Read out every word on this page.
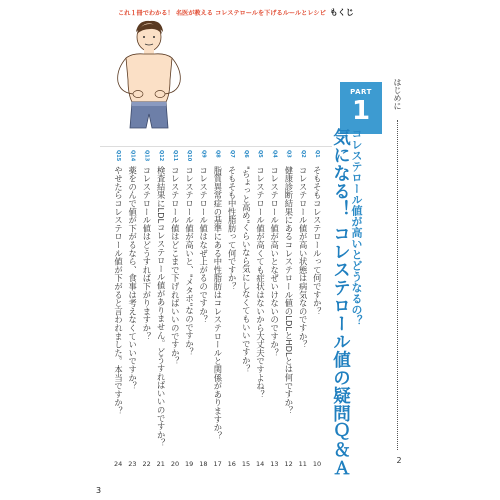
これ１冊でわかる！ 名医が教える コレステロールを下げるルールとレシピ もくじ
はじめに
2
PART
1
コレステロール値が高いとどうなるの？
気になる！ コレステロール値の疑問Ｑ＆Ａ
Q1
そもそもコレステロールって何ですか？
10
Q2
コレステロール値が高い状態は病気なのですか？
11
Q3
健康診断結果にあるコレステロール値のLDLとHDLとは何ですか？
12
Q4
コレステロール値が高いとなぜいけないのですか？
13
Q5
コレステロール値が高くても症状はないから大丈夫ですよね？
14
Q6
"ちょっと高め"くらいなら気にしなくてもいいですか？
15
Q7
そもそも中性脂肪って何ですか？
16
Q8
脂質異常症の基準にある中性脂肪はコレステロールと関係がありますか？
17
Q9
コレステロール値はなぜ上がるのですか？
18
Q10
コレステロール値が高いと、"メタボ"なのですか？
19
Q11
コレステロール値はどこまで下げればいいのですか？
20
Q12
検査結果にLDLコレステロール値がありません。どうすればいいのですか？
21
Q13
コレステロール値はどうすれば下がりますか？
22
Q14
薬をのんで値が下がるなら、食事は考えなくていいですか？
23
Q15
やせたらコレステロール値が下がると言われました。本当ですか？
24
3
